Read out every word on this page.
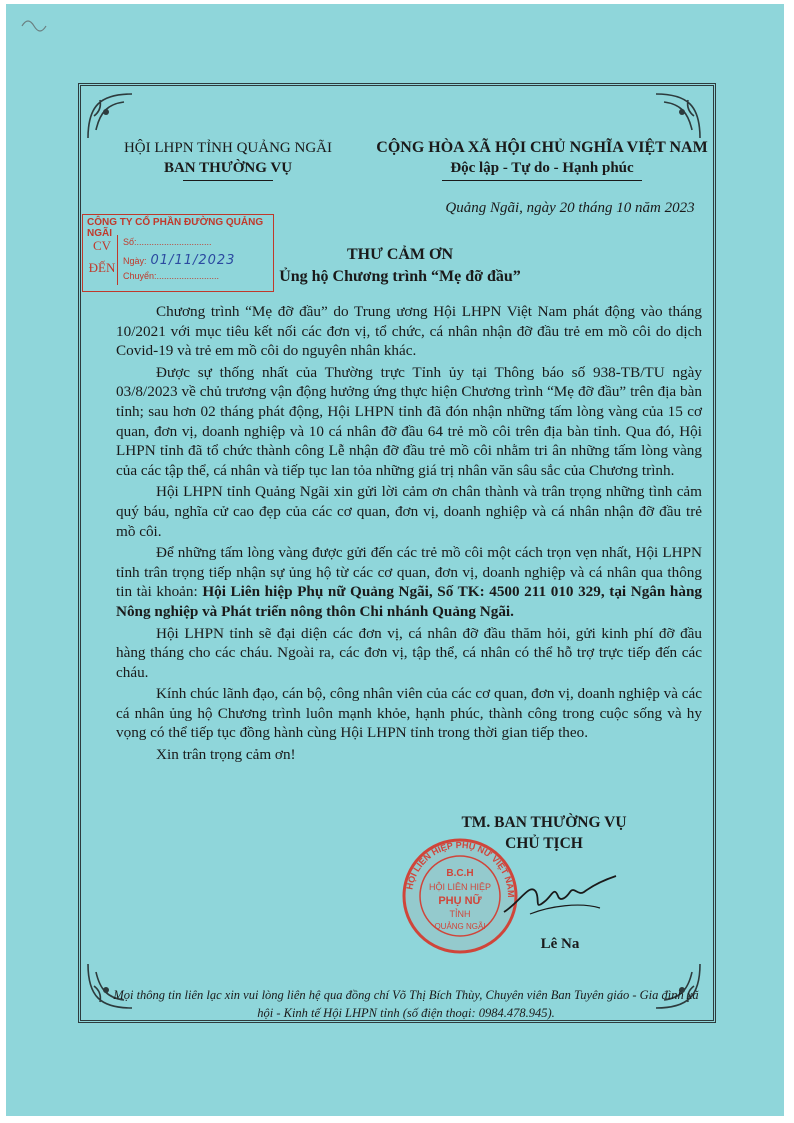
HỘI LHPN TỈNH QUẢNG NGÃI
BAN THƯỜNG VỤ
CỘNG HÒA XÃ HỘI CHỦ NGHĨA VIỆT NAM
Độc lập - Tự do - Hạnh phúc
Quảng Ngãi, ngày 20 tháng 10 năm 2023
CÔNG TY CỔ PHẦN ĐƯỜNG QUẢNG NGÃI
CV
ĐẾN
Số:..............................
Ngày: 01/11/2023
Chuyển:.........................
THƯ CẢM ƠN
Ủng hộ Chương trình “Mẹ đỡ đầu”

Chương trình “Mẹ đỡ đầu” do Trung ương Hội LHPN Việt Nam phát động vào tháng 10/2021 với mục tiêu kết nối các đơn vị, tổ chức, cá nhân nhận đỡ đầu trẻ em mồ côi do dịch Covid-19 và trẻ em mồ côi do nguyên nhân khác.

Được sự thống nhất của Thường trực Tỉnh ủy tại Thông báo số 938-TB/TU ngày 03/8/2023 về chủ trương vận động hưởng ứng thực hiện Chương trình “Mẹ đỡ đầu” trên địa bàn tỉnh; sau hơn 02 tháng phát động, Hội LHPN tỉnh đã đón nhận những tấm lòng vàng của 15 cơ quan, đơn vị, doanh nghiệp và 10 cá nhân đỡ đầu 64 trẻ mồ côi trên địa bàn tỉnh. Qua đó, Hội LHPN tỉnh đã tổ chức thành công Lễ nhận đỡ đầu trẻ mồ côi nhằm tri ân những tấm lòng vàng của các tập thể, cá nhân và tiếp tục lan tỏa những giá trị nhân văn sâu sắc của Chương trình.

Hội LHPN tỉnh Quảng Ngãi xin gửi lời cảm ơn chân thành và trân trọng những tình cảm quý báu, nghĩa cử cao đẹp của các cơ quan, đơn vị, doanh nghiệp và cá nhân nhận đỡ đầu trẻ mồ côi.

Để những tấm lòng vàng được gửi đến các trẻ mồ côi một cách trọn vẹn nhất, Hội LHPN tỉnh trân trọng tiếp nhận sự ủng hộ từ các cơ quan, đơn vị, doanh nghiệp và cá nhân qua thông tin tài khoản: Hội Liên hiệp Phụ nữ Quảng Ngãi, Số TK: 4500 211 010 329, tại Ngân hàng Nông nghiệp và Phát triển nông thôn Chi nhánh Quảng Ngãi.

Hội LHPN tỉnh sẽ đại diện các đơn vị, cá nhân đỡ đầu thăm hỏi, gửi kinh phí đỡ đầu hàng tháng cho các cháu. Ngoài ra, các đơn vị, tập thể, cá nhân có thể hỗ trợ trực tiếp đến các cháu.

Kính chúc lãnh đạo, cán bộ, công nhân viên của các cơ quan, đơn vị, doanh nghiệp và các cá nhân ủng hộ Chương trình luôn mạnh khỏe, hạnh phúc, thành công trong cuộc sống và hy vọng có thể tiếp tục đồng hành cùng Hội LHPN tỉnh trong thời gian tiếp theo.

Xin trân trọng cảm ơn!

TM. BAN THƯỜNG VỤ
CHỦ TỊCH
HỘI LIÊN HIỆP PHỤ NỮ VIỆT NAM
B.C.H
HỘI LIÊN HIỆP
PHỤ NỮ
TỈNH
QUẢNG NGÃI
Lê Na
Mọi thông tin liên lạc xin vui lòng liên hệ qua đồng chí Võ Thị Bích Thùy, Chuyên viên Ban Tuyên giáo - Gia đình xã hội - Kinh tế Hội LHPN tỉnh (số điện thoại: 0984.478.945).
